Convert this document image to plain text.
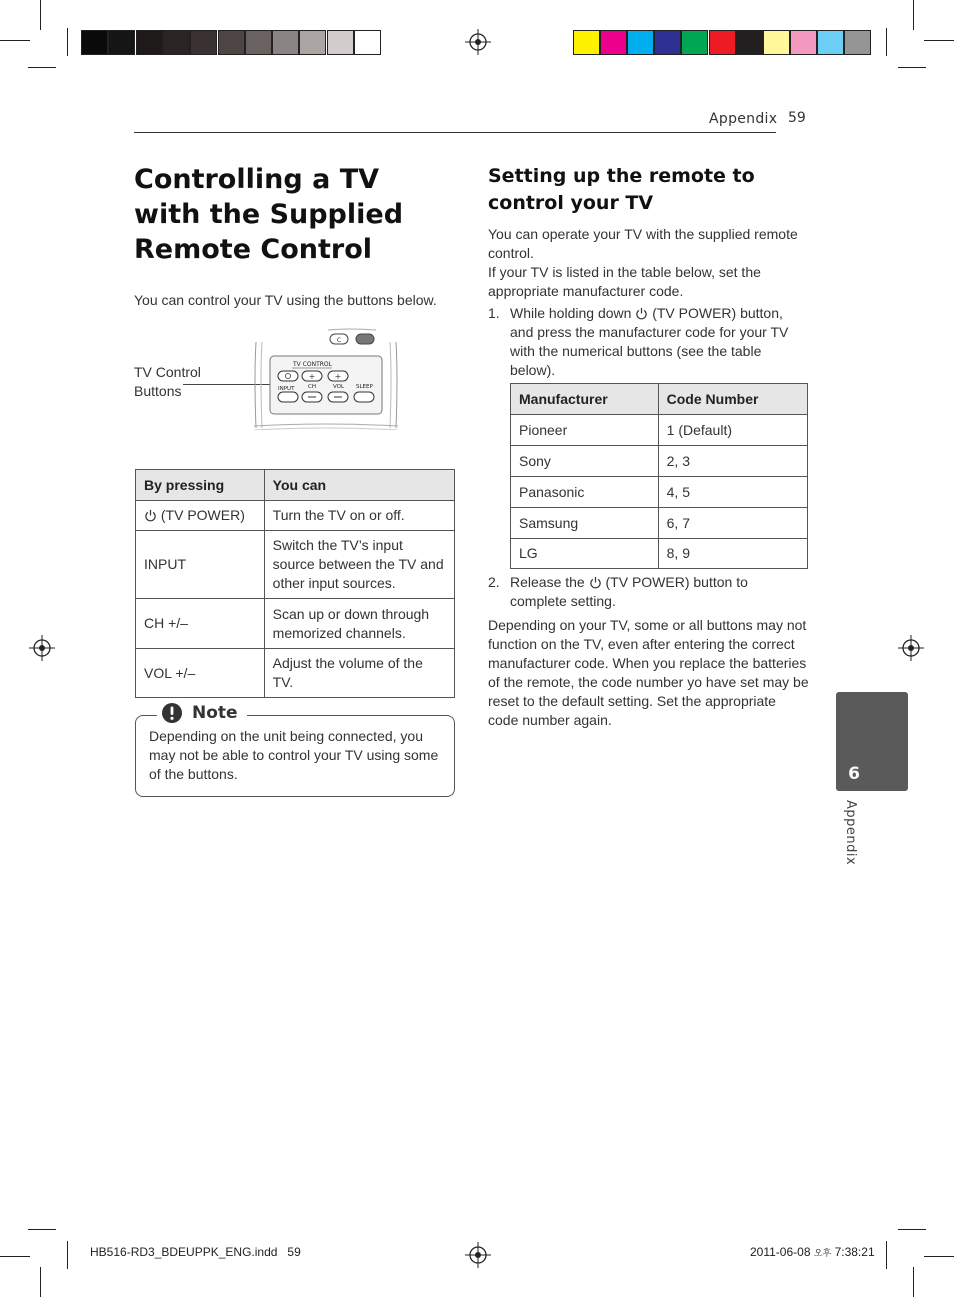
Appendix 59
Controlling a TV with the Supplied Remote Control
You can control your TV using the buttons below.
TV Control
Buttons
C
TV CONTROL
+ +
INPUT CH	VOL SLEEP
By pressing	You can
(TV POWER)	Turn the TV on or off.
INPUT	Switch the TV’s input source between the TV and other input sources.
CH +/–	Scan up or down through memorized channels.
VOL +/–	Adjust the volume of the TV.
Note
Depending on the unit being connected, you may not be able to control your TV using some of the buttons.
Setting up the remote to control your TV
You can operate your TV with the supplied remote control.
If your TV is listed in the table below, set the appropriate manufacturer code.
1. While holding down (TV POWER) button, and press the manufacturer code for your TV with the numerical buttons (see the table below).
Manufacturer	Code Number
Pioneer	1 (Default)
Sony	2, 3
Panasonic	4, 5
Samsung	6, 7
LG	8, 9
2. Release the (TV POWER) button to complete setting.
Depending on your TV, some or all buttons may not function on the TV, even after entering the correct manufacturer code. When you replace the batteries of the remote, the code number yo have set may be reset to the default setting. Set the appropriate code number again.
6
Appendix
HB516-RD3_BDEUPPK_ENG.indd   59	2011-06-08 오후 7:38:21
